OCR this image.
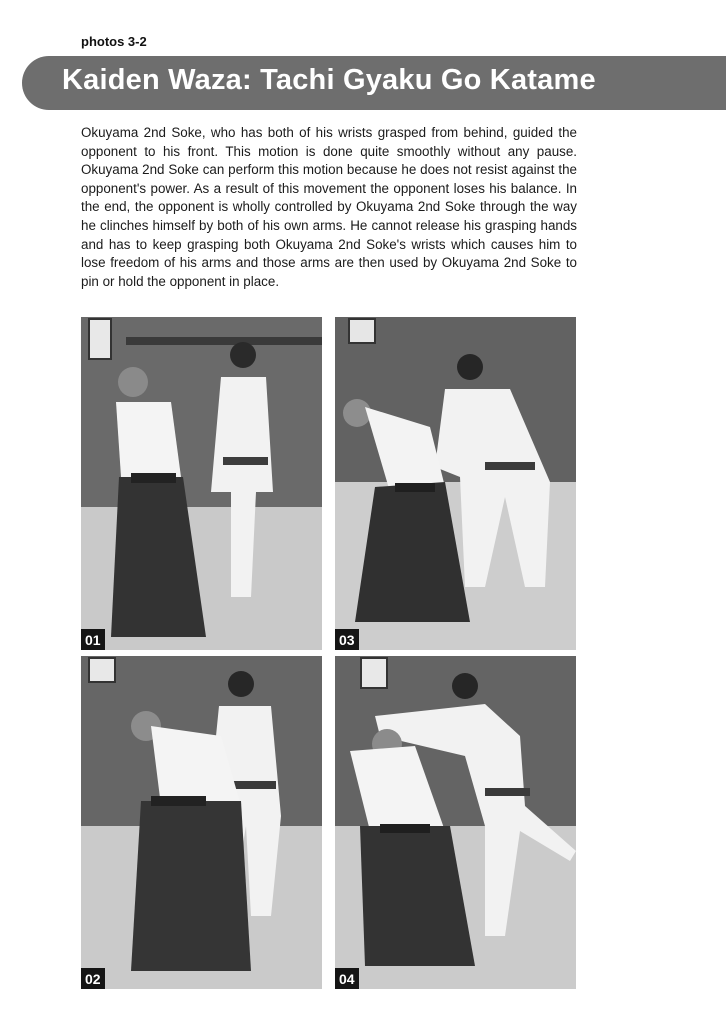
photos 3-2
Kaiden Waza: Tachi Gyaku Go Katame
Okuyama 2nd Soke, who has both of his wrists grasped from behind, guided the opponent to his front. This motion is done quite smoothly without any pause. Okuyama 2nd Soke can perform this motion because he does not resist against the opponent's power. As a result of this movement the opponent loses his balance. In the end, the opponent is wholly controlled by Okuyama 2nd Soke through the way he clinches himself by both of his own arms. He cannot release his grasping hands and has to keep grasping both Okuyama 2nd Soke's wrists which causes him to lose freedom of his arms and those arms are then used by Okuyama 2nd Soke to pin or hold the opponent in place.
01	03
02	04
